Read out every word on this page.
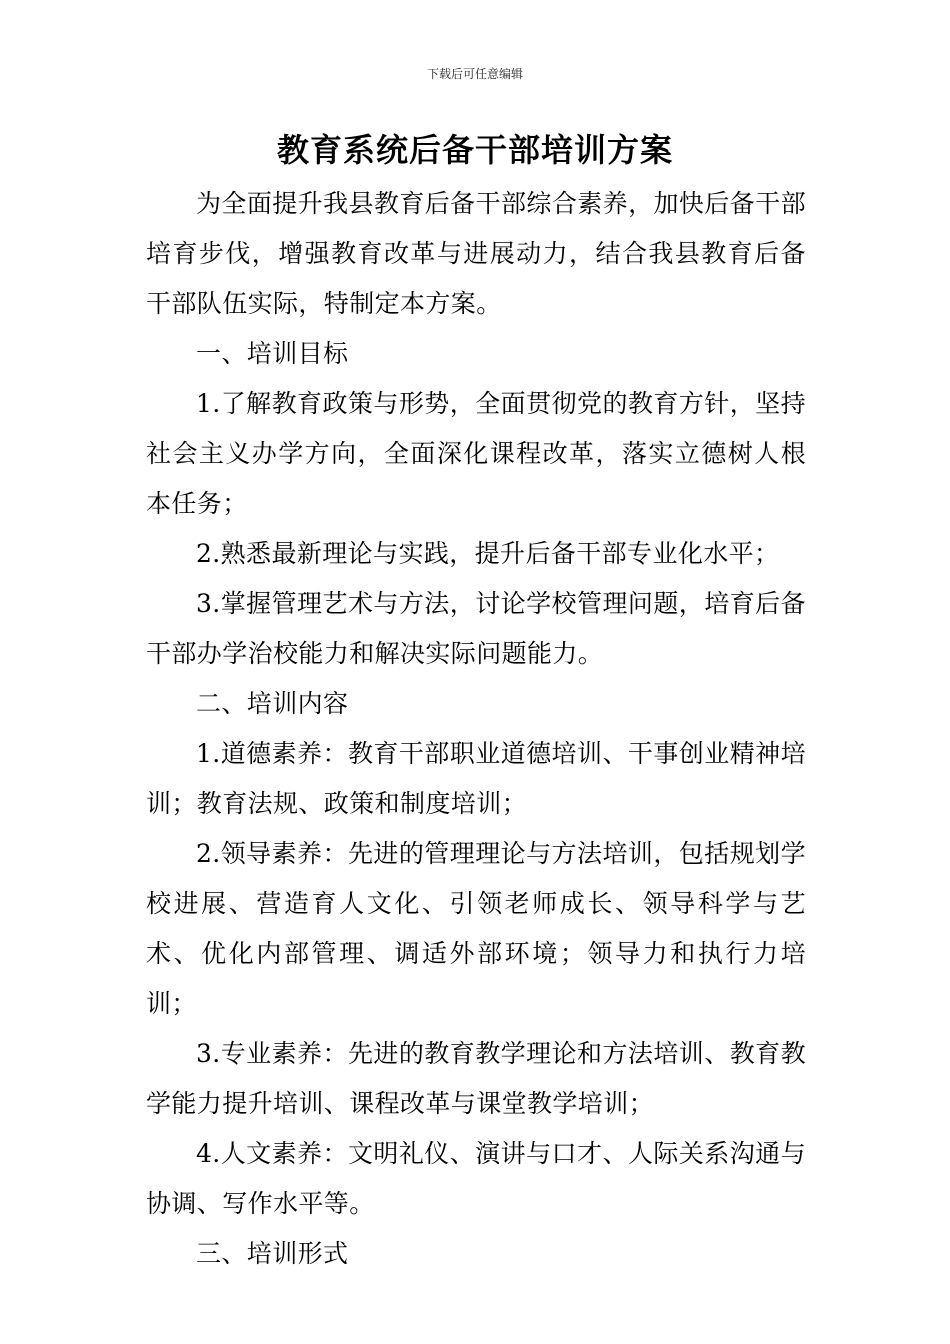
下载后可任意编辑
教育系统后备干部培训方案

为全面提升我县教育后备干部综合素养，加快后备干部培育步伐，增强教育改革与进展动力，结合我县教育后备干部队伍实际，特制定本方案。

一、培训目标

1.了解教育政策与形势，全面贯彻党的教育方针，坚持社会主义办学方向，全面深化课程改革，落实立德树人根本任务；

2.熟悉最新理论与实践，提升后备干部专业化水平；

3.掌握管理艺术与方法，讨论学校管理问题，培育后备干部办学治校能力和解决实际问题能力。

二、培训内容

1.道德素养：教育干部职业道德培训、干事创业精神培训；教育法规、政策和制度培训；

2.领导素养：先进的管理理论与方法培训，包括规划学校进展、营造育人文化、引领老师成长、领导科学与艺术、优化内部管理、调适外部环境；领导力和执行力培训；

3.专业素养：先进的教育教学理论和方法培训、教育教学能力提升培训、课程改革与课堂教学培训；

4.人文素养：文明礼仪、演讲与口才、人际关系沟通与协调、写作水平等。

三、培训形式
